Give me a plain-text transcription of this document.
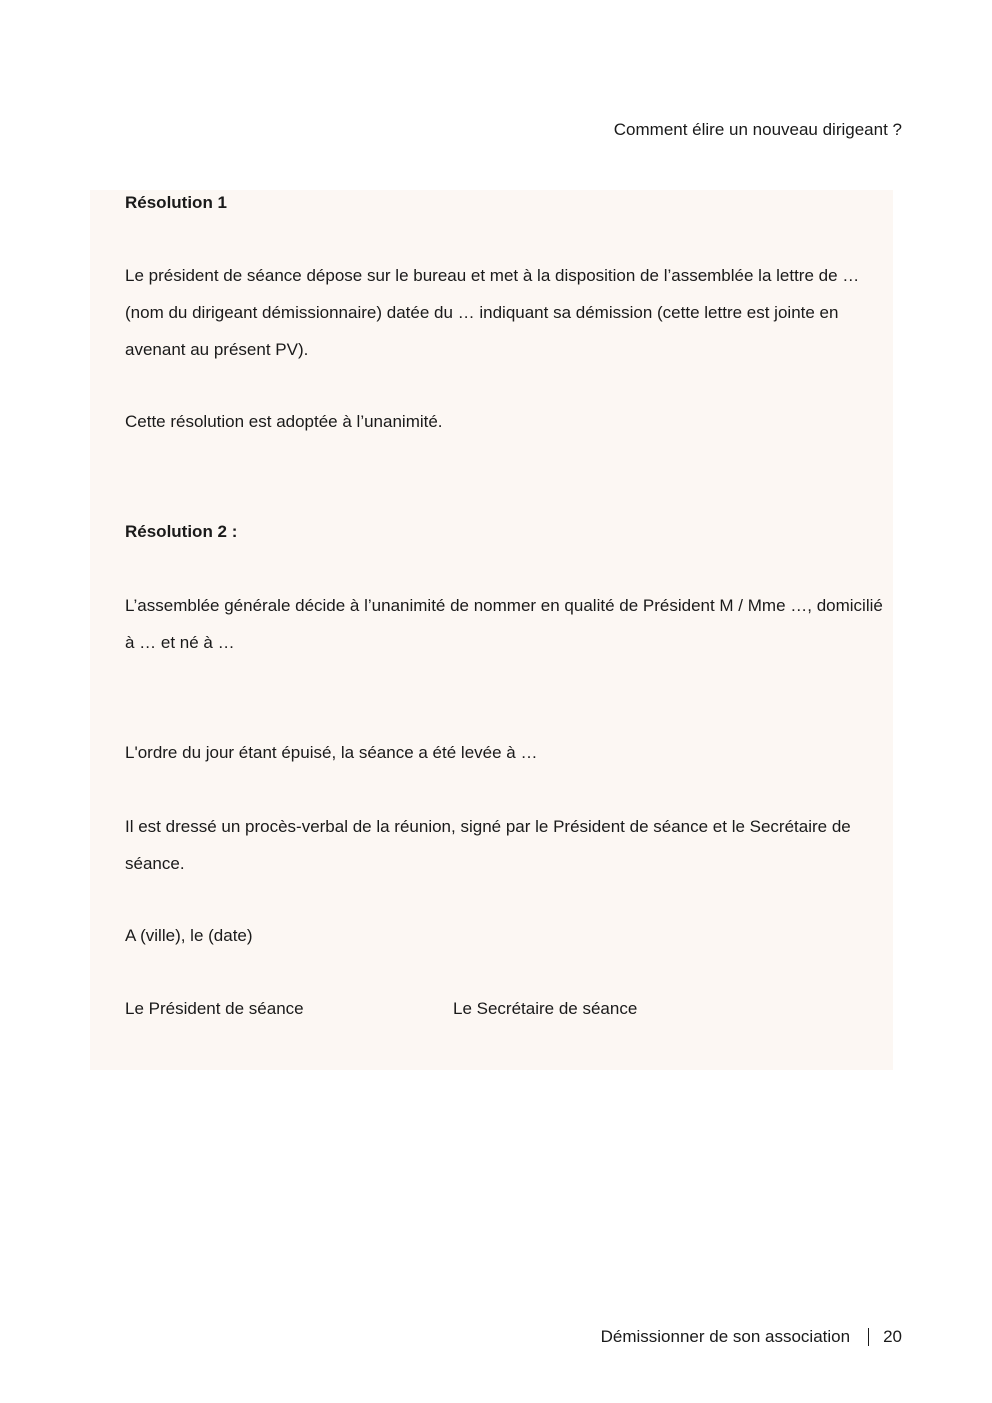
Comment élire un nouveau dirigeant ?

Résolution 1

Le président de séance dépose sur le bureau et met à la disposition de l’assemblée la lettre de … (nom du dirigeant démissionnaire) datée du … indiquant sa démission (cette lettre est jointe en avenant au présent PV).

Cette résolution est adoptée à l’unanimité.

Résolution 2 :

L’assemblée générale décide à l’unanimité de nommer en qualité de Président M / Mme …, domicilié à … et né à …

L'ordre du jour étant épuisé, la séance a été levée à …

Il est dressé un procès-verbal de la réunion, signé par le Président de séance et le Secrétaire de séance.

A (ville), le (date)

Le Président de séance	Le Secrétaire de séance

Démissionner de son association 20
